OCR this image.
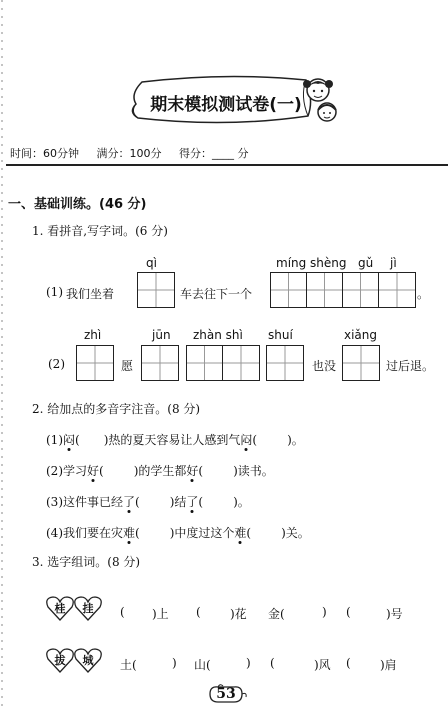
期末模拟测试卷(一)
时间：60分钟 满分：100分 得分：____ 分
一、基础训练。(46 分)
1. 看拼音,写字词。(6 分)
qì	míng shèng gǔ jì
(1) 我们坐着	车去往下一个	。
zhì	jūn zhàn shì shuí	xiǎng
(2)	愿	也没	过后退。
2. 给加点的多音字注音。(8 分)
(1)闷( )热的夏天容易让人感到气闷(	)。
(2)学习好(	)的学生都好(	)读书。
(3)这件事已经了(	)结了(	)。
(4)我们要在灾难(	)中度过这个难(	)关。
3. 选字组词。(8 分)
桂	挂	( )上 ( )花 金(	) (	)号
拔	城	土(	) 山(	) (	)风 ( )肩
53
